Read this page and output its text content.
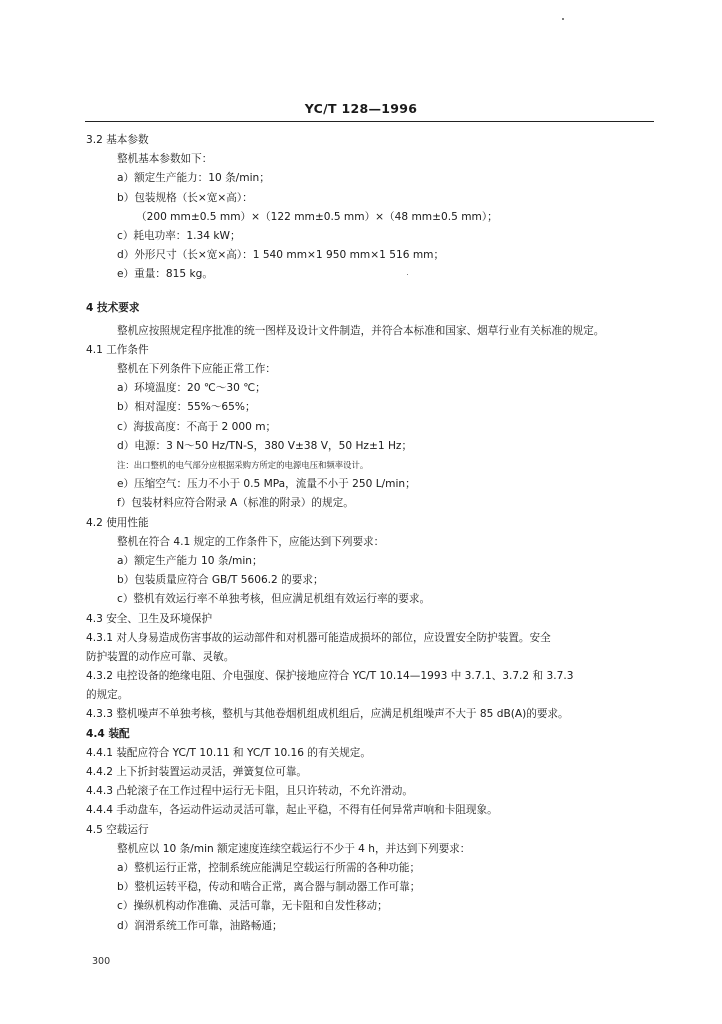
YC/T 128—1996
3.2 基本参数
整机基本参数如下：
a）额定生产能力：10 条/min；
b）包装规格（长×宽×高）：
（200 mm±0.5 mm）×（122 mm±0.5 mm）×（48 mm±0.5 mm）；
c）耗电功率：1.34 kW；
d）外形尺寸（长×宽×高）：1 540 mm×1 950 mm×1 516 mm；
e）重量：815 kg。
4 技术要求
整机应按照规定程序批准的统一图样及设计文件制造，并符合本标准和国家、烟草行业有关标准的规定。
4.1 工作条件
整机在下列条件下应能正常工作：
a）环境温度：20 ℃～30 ℃；
b）相对湿度：55%～65%；
c）海拔高度：不高于 2 000 m；
d）电源：3 N～50 Hz/TN-S，380 V±38 V，50 Hz±1 Hz；
注：出口整机的电气部分应根据采购方所定的电源电压和频率设计。
e）压缩空气：压力不小于 0.5 MPa，流量不小于 250 L/min；
f）包装材料应符合附录 A（标准的附录）的规定。
4.2 使用性能
整机在符合 4.1 规定的工作条件下，应能达到下列要求：
a）额定生产能力 10 条/min；
b）包装质量应符合 GB/T 5606.2 的要求；
c）整机有效运行率不单独考核，但应满足机组有效运行率的要求。
4.3 安全、卫生及环境保护
4.3.1 对人身易造成伤害事故的运动部件和对机器可能造成损坏的部位，应设置安全防护装置。安全
防护装置的动作应可靠、灵敏。
4.3.2 电控设备的绝缘电阻、介电强度、保护接地应符合 YC/T 10.14—1993 中 3.7.1、3.7.2 和 3.7.3
的规定。
4.3.3 整机噪声不单独考核，整机与其他卷烟机组成机组后，应满足机组噪声不大于 85 dB(A)的要求。
4.4 装配
4.4.1 装配应符合 YC/T 10.11 和 YC/T 10.16 的有关规定。
4.4.2 上下折封装置运动灵活，弹簧复位可靠。
4.4.3 凸轮滚子在工作过程中运行无卡阻，且只许转动，不允许滑动。
4.4.4 手动盘车，各运动件运动灵活可靠，起止平稳，不得有任何异常声响和卡阻现象。
4.5 空载运行
整机应以 10 条/min 额定速度连续空载运行不少于 4 h，并达到下列要求：
a）整机运行正常，控制系统应能满足空载运行所需的各种功能；
b）整机运转平稳，传动和啮合正常，离合器与制动器工作可靠；
c）操纵机构动作准确、灵活可靠，无卡阻和自发性移动；
d）润滑系统工作可靠，油路畅通；
300
